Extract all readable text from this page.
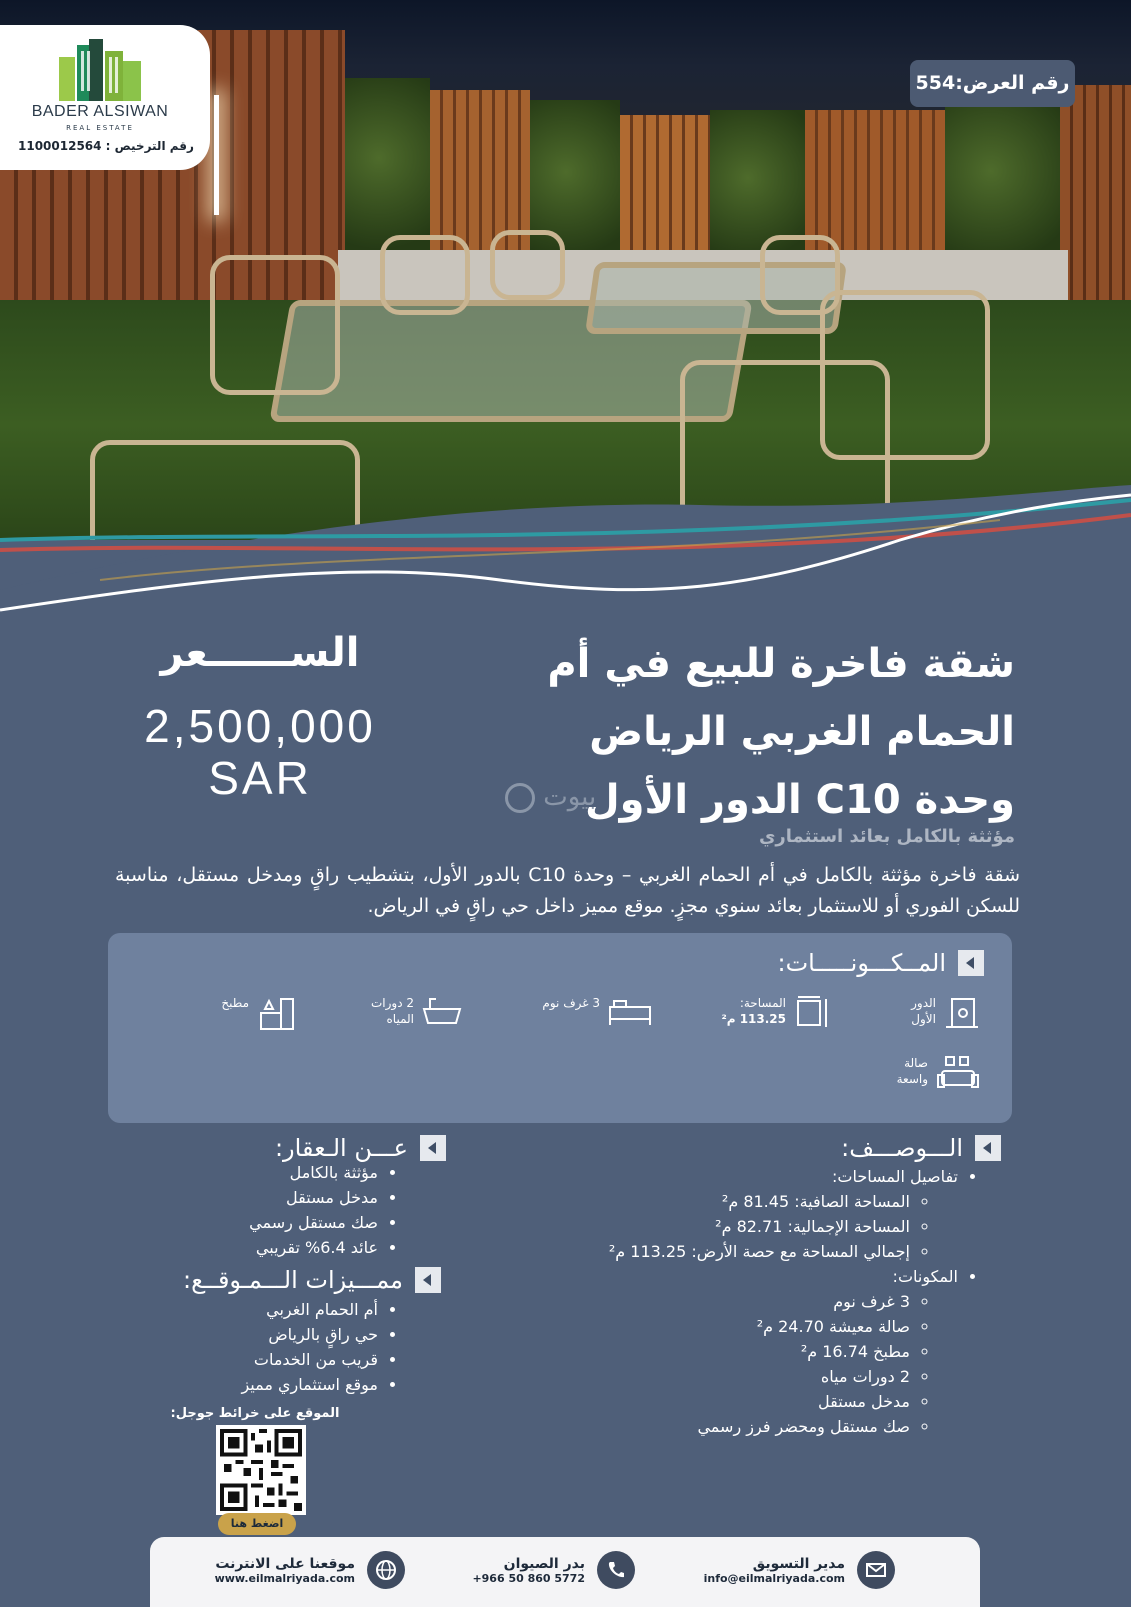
BADER ALSIWAN
REAL ESTATE
رقم الترخيص : 1100012564
رقم العرض:554
شقة فاخرة للبيع في أم
الحمام الغربي الرياض
وحدة C10 الدور الأول
بيوت
مؤثثة بالكامل بعائد استثماري
الســــــعر
2,500,000
SAR
شقة فاخرة مؤثثة بالكامل في أم الحمام الغربي – وحدة C10 بالدور الأول، بتشطيب راقٍ ومدخل مستقل، مناسبة للسكن الفوري أو للاستثمار بعائد سنوي مجزٍ. موقع مميز داخل حي راقٍ في الرياض.
المــكـــونـــــات:
الدور
الأول
المساحة:
113.25 م²
3 غرف نوم
2 دورات
المياه
مطبخ
صالة
واسعة
الـــوصـــف:
• تفاصيل المساحات:
◦ المساحة الصافية: 81.45 م²
◦ المساحة الإجمالية: 82.71 م²
◦ إجمالي المساحة مع حصة الأرض: 113.25 م²
• المكونات:
◦ 3 غرف نوم
◦ صالة معيشة 24.70 م²
◦ مطبخ 16.74 م²
◦ 2 دورات مياه
◦ مدخل مستقل
◦ صك مستقل ومحضر فرز رسمي
عـــن الـعقار:
• مؤثثة بالكامل
• مدخل مستقل
• صك مستقل رسمي
• عائد 6.4% تقريبي
ممـــيزات الـــمـوقــع:
• أم الحمام الغربي
• حي راقٍ بالرياض
• قريب من الخدمات
• موقع استثماري مميز
الموقع على خرائط جوجل:
اضغط هنا
مدير التسويق
info@eilmalriyada.com
بدر الصيوان
+966 50 860 5772
موقعنا على الانترنت
www.eilmalriyada.com
